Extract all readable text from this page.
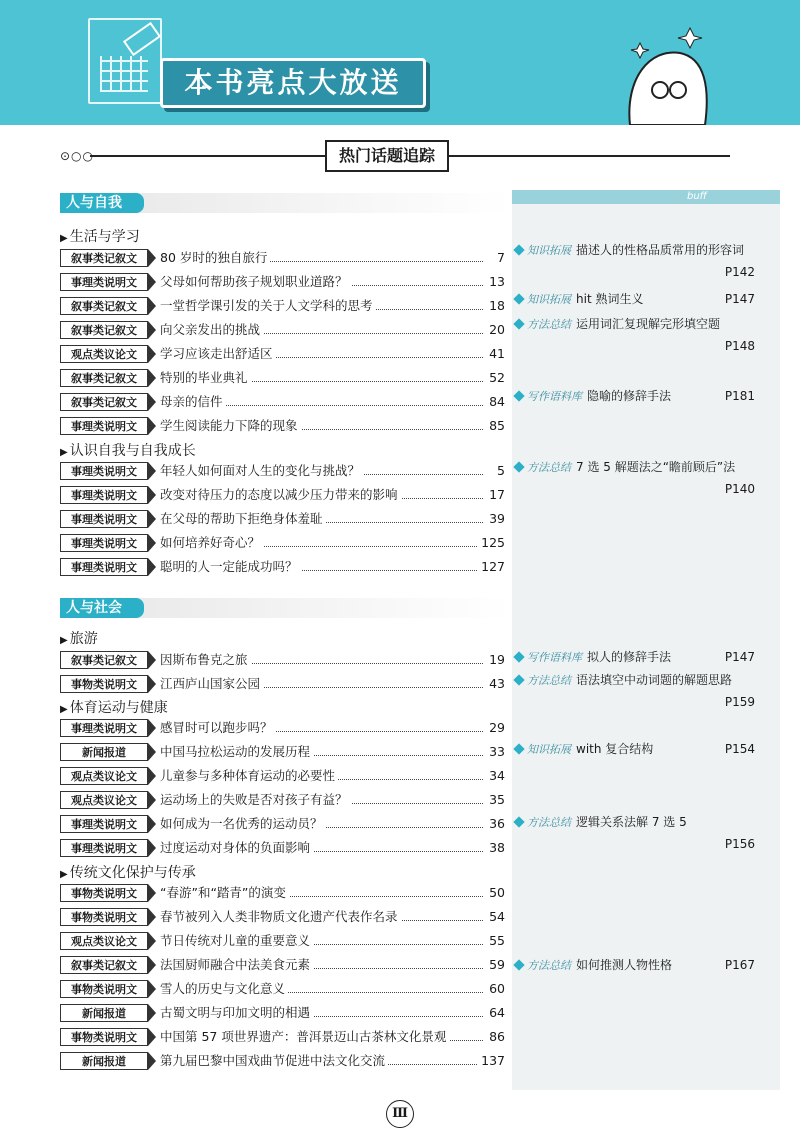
本书亮点大放送
⊙○○	热门话题追踪
buff
人与自我
▶ 生活与学习
叙事类记叙文	80 岁时的独自旅行	7
事理类说明文	父母如何帮助孩子规划职业道路？	13
叙事类记叙文	一堂哲学课引发的关于人文学科的思考	18
叙事类记叙文	向父亲发出的挑战	20
观点类议论文	学习应该走出舒适区	41
叙事类记叙文	特别的毕业典礼	52
叙事类记叙文	母亲的信件	84
事理类说明文	学生阅读能力下降的现象	85
▶ 认识自我与自我成长
事理类说明文	年轻人如何面对人生的变化与挑战？	5
事理类说明文	改变对待压力的态度以减少压力带来的影响	17
事理类说明文	在父母的帮助下拒绝身体羞耻	39
事理类说明文	如何培养好奇心？	125
事理类说明文	聪明的人一定能成功吗？	127
人与社会
▶ 旅游
叙事类记叙文	因斯布鲁克之旅	19
事物类说明文	江西庐山国家公园	43
▶ 体育运动与健康
事理类说明文	感冒时可以跑步吗？	29
新闻报道	中国马拉松运动的发展历程	33
观点类议论文	儿童参与多种体育运动的必要性	34
观点类议论文	运动场上的失败是否对孩子有益？	35
事理类说明文	如何成为一名优秀的运动员？	36
事理类说明文	过度运动对身体的负面影响	38
▶ 传统文化保护与传承
事物类说明文	“春游”和“踏青”的演变	50
事物类说明文	春节被列入人类非物质文化遗产代表作名录	54
观点类议论文	节日传统对儿童的重要意义	55
叙事类记叙文	法国厨师融合中法美食元素	59
事物类说明文	雪人的历史与文化意义	60
新闻报道	古蜀文明与印加文明的相遇	64
事物类说明文	中国第 57 项世界遗产：普洱景迈山古茶林文化景观	86
新闻报道	第九届巴黎中国戏曲节促进中法文化交流	137
知识拓展 描述人的性格品质常用的形容词
P142
知识拓展 hit 熟词生义	P147
方法总结 运用词汇复现解完形填空题
P148
写作语料库 隐喻的修辞手法	P181
方法总结 7 选 5 解题法之“瞻前顾后”法
P140
写作语料库 拟人的修辞手法	P147
方法总结 语法填空中动词题的解题思路
P159
知识拓展 with 复合结构	P154
方法总结 逻辑关系法解 7 选 5
P156
方法总结 如何推测人物性格	P167
Ⅲ
